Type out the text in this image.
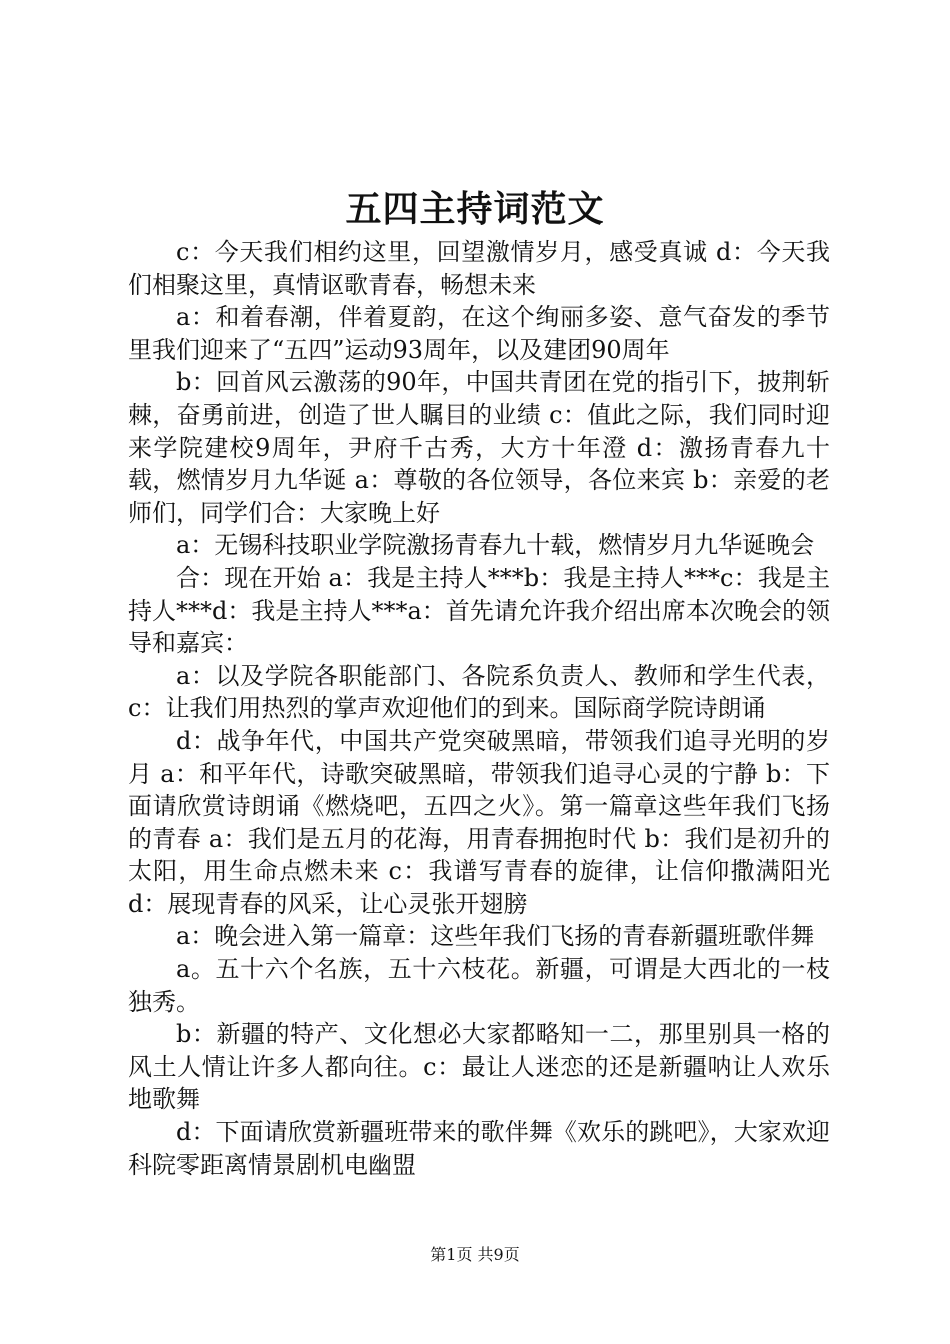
五四主持词范文

c：今天我们相约这里，回望激情岁月，感受真诚 d：今天我们相聚这里，真情讴歌青春，畅想未来

a：和着春潮，伴着夏韵，在这个绚丽多姿、意气奋发的季节里我们迎来了“五四”运动93周年，以及建团90周年

b：回首风云激荡的90年，中国共青团在党的指引下，披荆斩棘，奋勇前进，创造了世人瞩目的业绩 c：值此之际，我们同时迎来学院建校9周年，尹府千古秀，大方十年澄 d：激扬青春九十载，燃情岁月九华诞 a：尊敬的各位领导，各位来宾 b：亲爱的老师们，同学们合：大家晚上好

a：无锡科技职业学院激扬青春九十载，燃情岁月九华诞晚会

合：现在开始 a：我是主持人***b：我是主持人***c：我是主持人***d：我是主持人***a：首先请允许我介绍出席本次晚会的领导和嘉宾：

a：以及学院各职能部门、各院系负责人、教师和学生代表，c：让我们用热烈的掌声欢迎他们的到来。国际商学院诗朗诵

d：战争年代，中国共产党突破黑暗，带领我们追寻光明的岁月 a：和平年代，诗歌突破黑暗，带领我们追寻心灵的宁静 b：下面请欣赏诗朗诵《燃烧吧，五四之火》。第一篇章这些年我们飞扬的青春 a：我们是五月的花海，用青春拥抱时代 b：我们是初升的太阳，用生命点燃未来 c：我谱写青春的旋律，让信仰撒满阳光 d：展现青春的风采，让心灵张开翅膀

a：晚会进入第一篇章：这些年我们飞扬的青春新疆班歌伴舞

a。五十六个名族，五十六枝花。新疆，可谓是大西北的一枝独秀。

b：新疆的特产、文化想必大家都略知一二，那里别具一格的风土人情让许多人都向往。c：最让人迷恋的还是新疆呐让人欢乐地歌舞

d：下面请欣赏新疆班带来的歌伴舞《欢乐的跳吧》，大家欢迎科院零距离情景剧机电幽盟

第1页 共9页
